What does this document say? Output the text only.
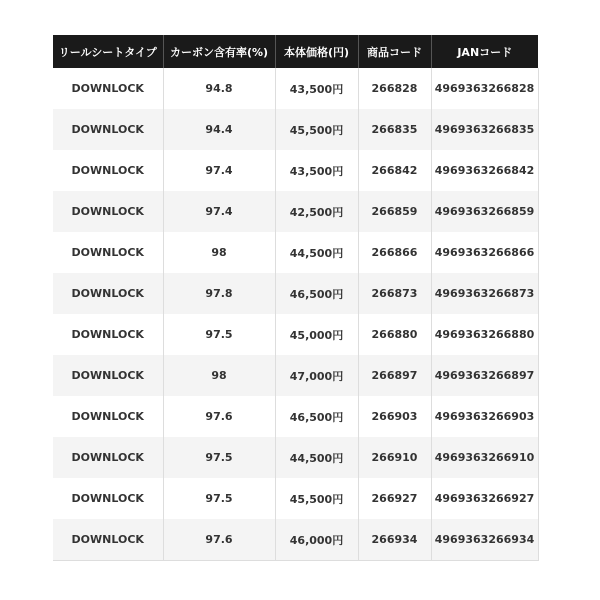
リールシートタイプ	カーボン含有率(%)	本体価格(円)	商品コード	JANコード
DOWNLOCK	94.8	43,500円	266828	4969363266828
DOWNLOCK	94.4	45,500円	266835	4969363266835
DOWNLOCK	97.4	43,500円	266842	4969363266842
DOWNLOCK	97.4	42,500円	266859	4969363266859
DOWNLOCK	98	44,500円	266866	4969363266866
DOWNLOCK	97.8	46,500円	266873	4969363266873
DOWNLOCK	97.5	45,000円	266880	4969363266880
DOWNLOCK	98	47,000円	266897	4969363266897
DOWNLOCK	97.6	46,500円	266903	4969363266903
DOWNLOCK	97.5	44,500円	266910	4969363266910
DOWNLOCK	97.5	45,500円	266927	4969363266927
DOWNLOCK	97.6	46,000円	266934	4969363266934
